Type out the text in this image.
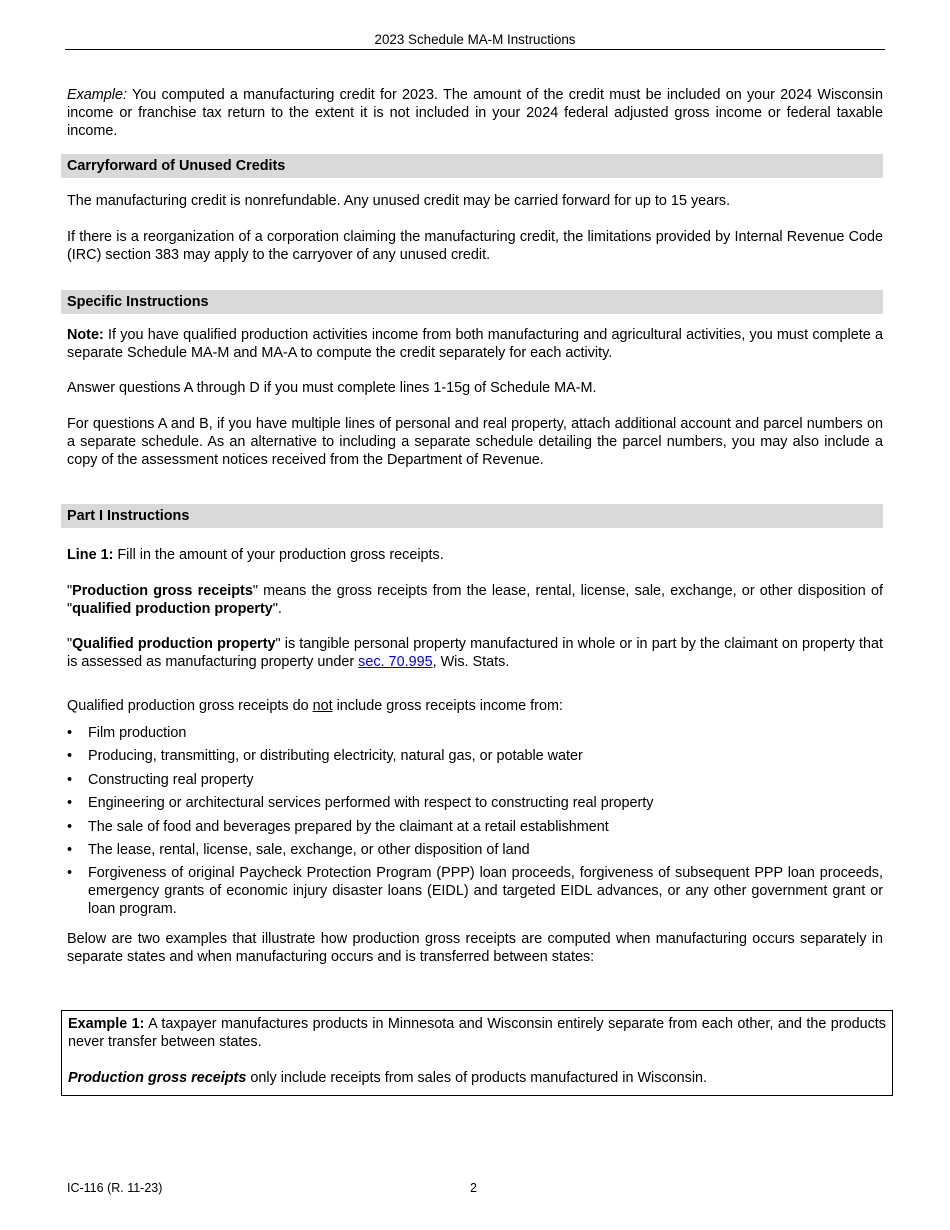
2023 Schedule MA-M Instructions

Example: You computed a manufacturing credit for 2023. The amount of the credit must be included on your 2024 Wisconsin income or franchise tax return to the extent it is not included in your 2024 federal adjusted gross income or federal taxable income.

Carryforward of Unused Credits

The manufacturing credit is nonrefundable. Any unused credit may be carried forward for up to 15 years.

If there is a reorganization of a corporation claiming the manufacturing credit, the limitations provided by Internal Revenue Code (IRC) section 383 may apply to the carryover of any unused credit.

Specific Instructions

Note: If you have qualified production activities income from both manufacturing and agricultural activities, you must complete a separate Schedule MA-M and MA-A to compute the credit separately for each activity.

Answer questions A through D if you must complete lines 1-15g of Schedule MA-M.

For questions A and B, if you have multiple lines of personal and real property, attach additional account and parcel numbers on a separate schedule. As an alternative to including a separate schedule detailing the parcel numbers, you may also include a copy of the assessment notices received from the Department of Revenue.

Part I Instructions

Line 1: Fill in the amount of your production gross receipts.

"Production gross receipts" means the gross receipts from the lease, rental, license, sale, exchange, or other disposition of "qualified production property".

"Qualified production property" is tangible personal property manufactured in whole or in part by the claimant on property that is assessed as manufacturing property under sec. 70.995, Wis. Stats.

Qualified production gross receipts do not include gross receipts income from:

• Film production
• Producing, transmitting, or distributing electricity, natural gas, or potable water
• Constructing real property
• Engineering or architectural services performed with respect to constructing real property
• The sale of food and beverages prepared by the claimant at a retail establishment
• The lease, rental, license, sale, exchange, or other disposition of land
• Forgiveness of original Paycheck Protection Program (PPP) loan proceeds, forgiveness of subsequent PPP loan proceeds, emergency grants of economic injury disaster loans (EIDL) and targeted EIDL advances, or any other government grant or loan program.

Below are two examples that illustrate how production gross receipts are computed when manufacturing occurs separately in separate states and when manufacturing occurs and is transferred between states:

Example 1: A taxpayer manufactures products in Minnesota and Wisconsin entirely separate from each other, and the products never transfer between states.

Production gross receipts only include receipts from sales of products manufactured in Wisconsin.

IC-116 (R. 11-23)	2
